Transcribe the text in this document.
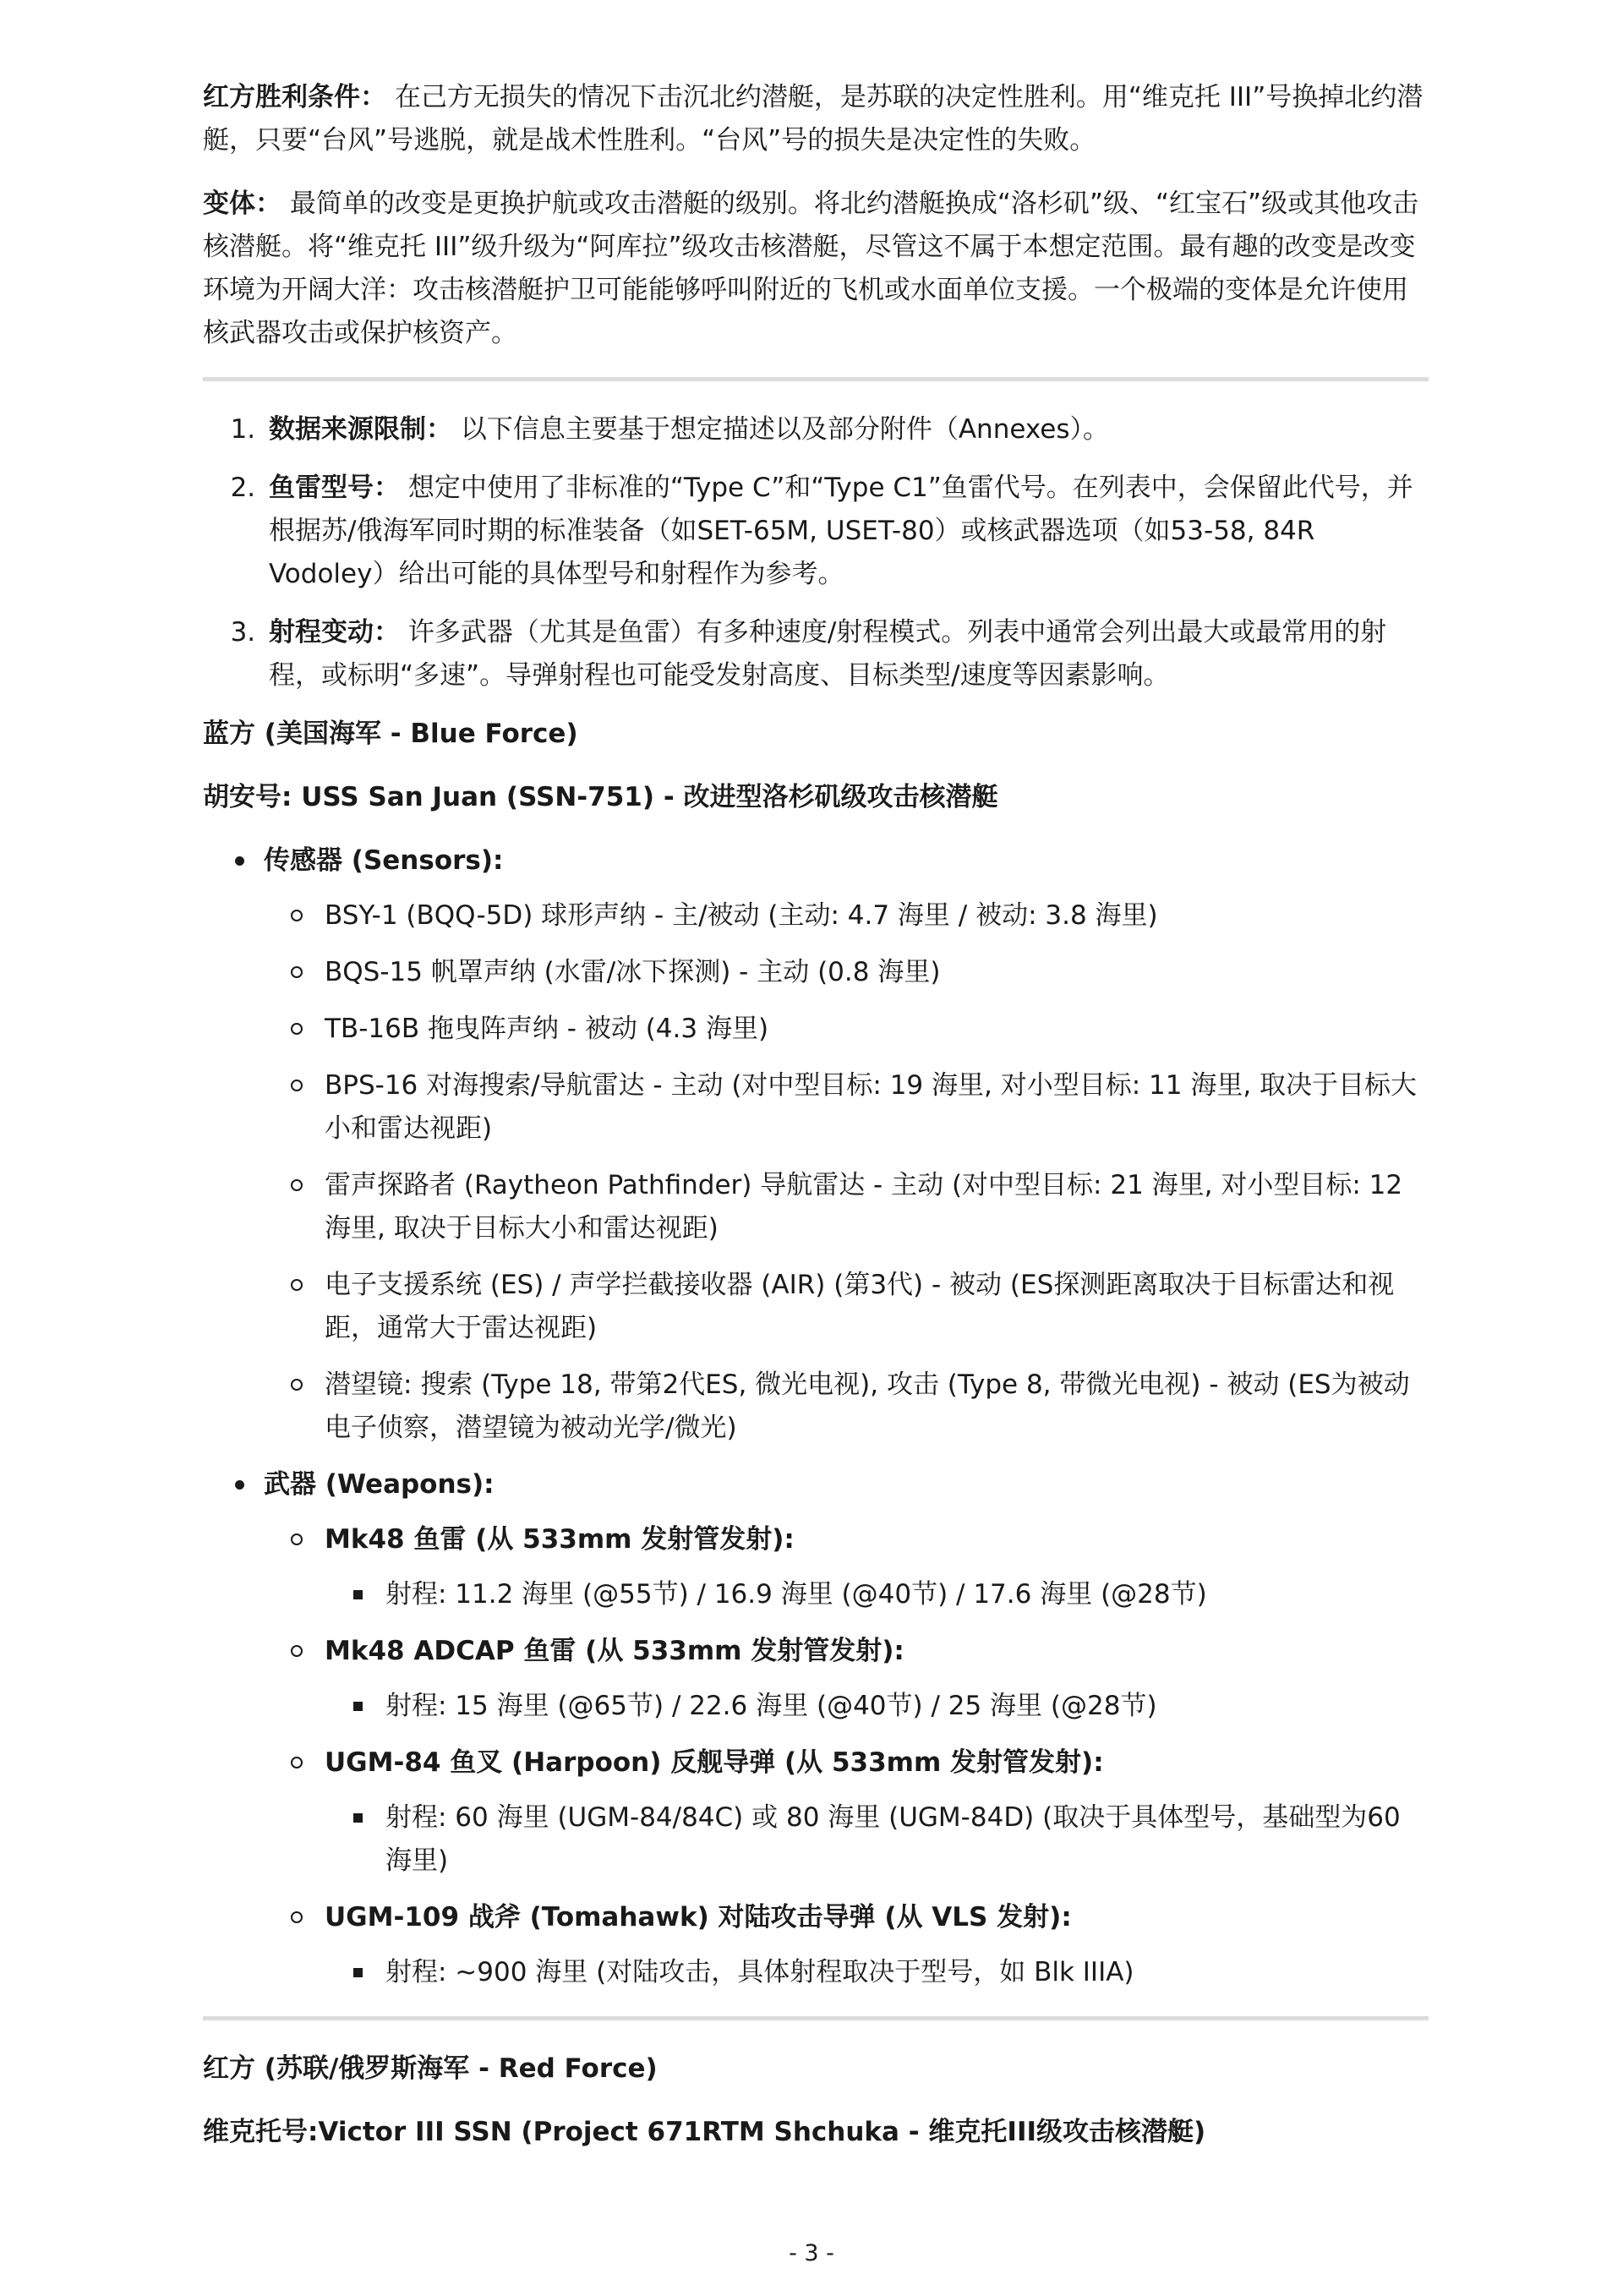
红方胜利条件： 在己方无损失的情况下击沉北约潜艇，是苏联的决定性胜利。用“维克托 III”号换掉北约潜艇，只要“台风”号逃脱，就是战术性胜利。“台风”号的损失是决定性的失败。

变体： 最简单的改变是更换护航或攻击潜艇的级别。将北约潜艇换成“洛杉矶”级、“红宝石”级或其他攻击核潜艇。将“维克托 III”级升级为“阿库拉”级攻击核潜艇，尽管这不属于本想定范围。最有趣的改变是改变环境为开阔大洋：攻击核潜艇护卫可能能够呼叫附近的飞机或水面单位支援。一个极端的变体是允许使用核武器攻击或保护核资产。

1. 数据来源限制： 以下信息主要基于想定描述以及部分附件（Annexes）。
2. 鱼雷型号： 想定中使用了非标准的“Type C”和“Type C1”鱼雷代号。在列表中，会保留此代号，并根据苏/俄海军同时期的标准装备（如SET-65M, USET-80）或核武器选项（如53-58, 84R Vodoley）给出可能的具体型号和射程作为参考。
3. 射程变动： 许多武器（尤其是鱼雷）有多种速度/射程模式。列表中通常会列出最大或最常用的射程，或标明“多速”。导弹射程也可能受发射高度、目标类型/速度等因素影响。
蓝方 (美国海军 - Blue Force)
胡安号: USS San Juan (SSN-751) - 改进型洛杉矶级攻击核潜艇
传感器 (Sensors):
BSY-1 (BQQ-5D) 球形声纳 - 主/被动 (主动: 4.7 海里 / 被动: 3.8 海里)
BQS-15 帆罩声纳 (水雷/冰下探测) - 主动 (0.8 海里)
TB-16B 拖曳阵声纳 - 被动 (4.3 海里)
BPS-16 对海搜索/导航雷达 - 主动 (对中型目标: 19 海里, 对小型目标: 11 海里, 取决于目标大小和雷达视距)
雷声探路者 (Raytheon Pathfinder) 导航雷达 - 主动 (对中型目标: 21 海里, 对小型目标: 12 海里, 取决于目标大小和雷达视距)
电子支援系统 (ES) / 声学拦截接收器 (AIR) (第3代) - 被动 (ES探测距离取决于目标雷达和视距，通常大于雷达视距)
潜望镜: 搜索 (Type 18, 带第2代ES, 微光电视), 攻击 (Type 8, 带微光电视) - 被动 (ES为被动电子侦察，潜望镜为被动光学/微光)
武器 (Weapons):
Mk48 鱼雷 (从 533mm 发射管发射):
射程: 11.2 海里 (@55节) / 16.9 海里 (@40节) / 17.6 海里 (@28节)
Mk48 ADCAP 鱼雷 (从 533mm 发射管发射):
射程: 15 海里 (@65节) / 22.6 海里 (@40节) / 25 海里 (@28节)
UGM-84 鱼叉 (Harpoon) 反舰导弹 (从 533mm 发射管发射):
射程: 60 海里 (UGM-84/84C) 或 80 海里 (UGM-84D) (取决于具体型号，基础型为60 海里)
UGM-109 战斧 (Tomahawk) 对陆攻击导弹 (从 VLS 发射):
射程: ~900 海里 (对陆攻击，具体射程取决于型号，如 Blk IIIA)
红方 (苏联/俄罗斯海军 - Red Force)
维克托号:Victor III SSN (Project 671RTM Shchuka - 维克托III级攻击核潜艇)
- 3 -
